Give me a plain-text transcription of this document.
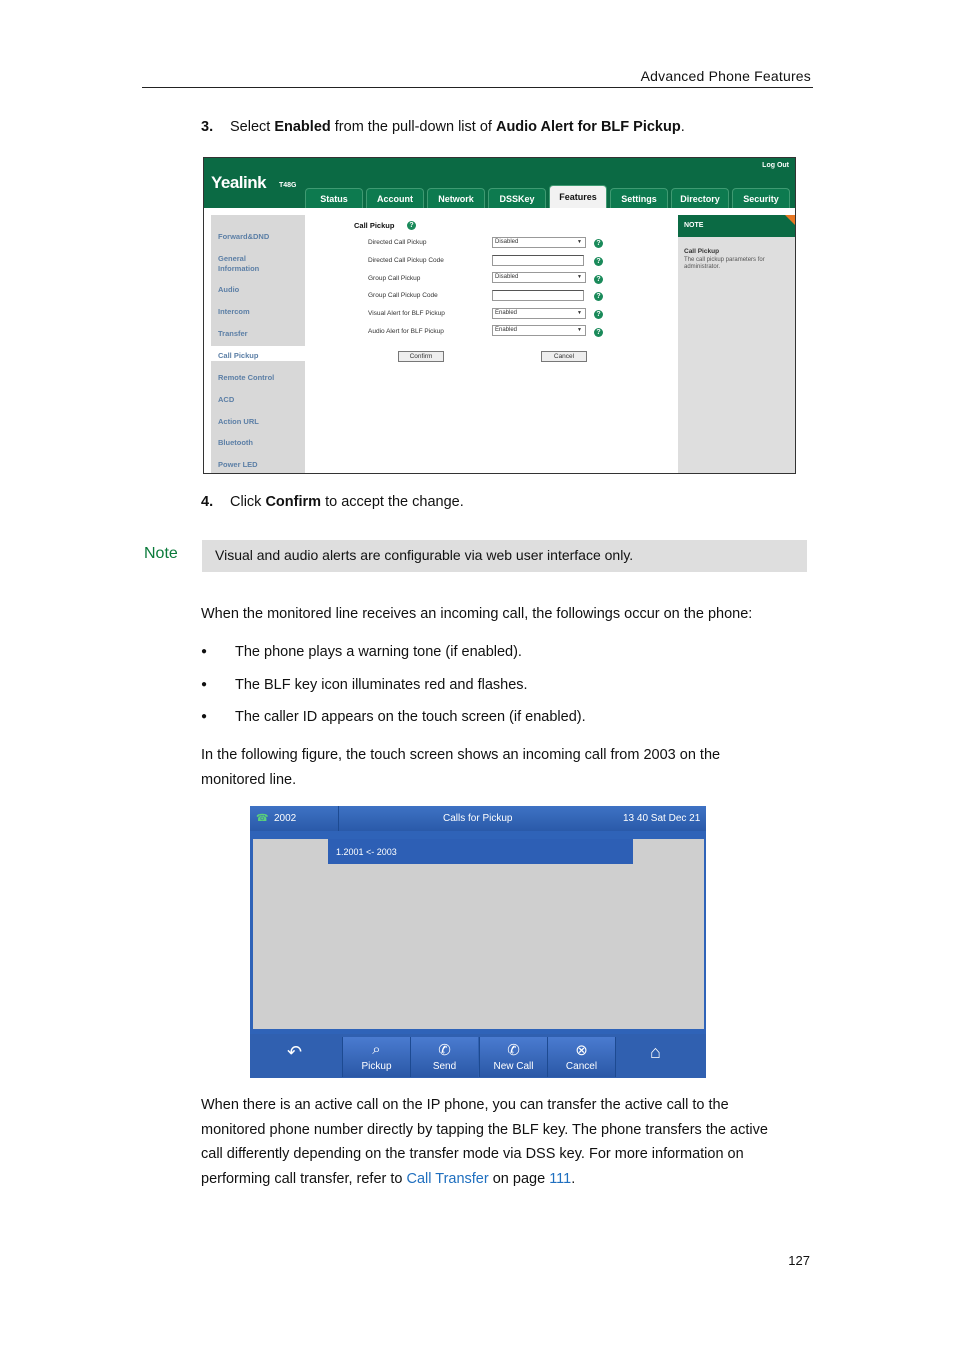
Advanced Phone Features
3. Select Enabled from the pull-down list of Audio Alert for BLF Pickup.
Yealink T48G
Log Out
Status	Account	Network	DSSKey	Features	Settings	Directory	Security
Forward&DND
General
Information
Audio
Intercom
Transfer
Call Pickup
Remote Control
ACD
Action URL
Bluetooth
Power LED
Call Pickup	?
Directed Call Pickup	Disabled	▼	?
Directed Call Pickup Code	?
Group Call Pickup	Disabled	▼	?
Group Call Pickup Code	?
Visual Alert for BLF Pickup	Enabled	▼	?
Audio Alert for BLF Pickup	Enabled	▼	?
Confirm	Cancel
NOTE
Call Pickup
The call pickup parameters for administrator.
4. Click Confirm to accept the change.
Note	Visual and audio alerts are configurable via web user interface only.
When the monitored line receives an incoming call, the followings occur on the phone:
● The phone plays a warning tone (if enabled).
● The BLF key icon illuminates red and flashes.
● The caller ID appears on the touch screen (if enabled).
In the following figure, the touch screen shows an incoming call from 2003 on the
monitored line.
☎ 2002	Calls for Pickup	13 40 Sat Dec 21
1.2001 <- 2003
↶	⌕
Pickup
✆
Send
✆
New Call
⊗
Cancel
⌂
When there is an active call on the IP phone, you can transfer the active call to the
monitored phone number directly by tapping the BLF key. The phone transfers the active
call differently depending on the transfer mode via DSS key. For more information on
performing call transfer, refer to Call Transfer on page 111.
127
